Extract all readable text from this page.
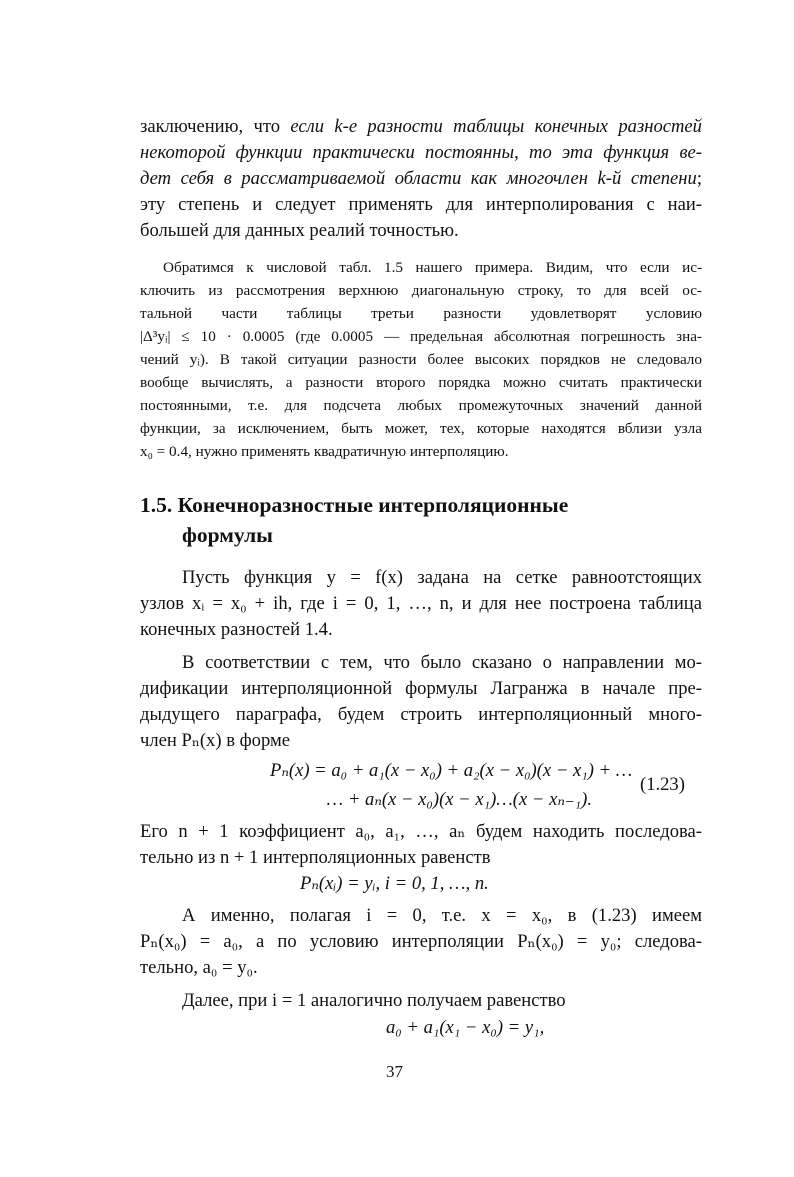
заключению, что если k-е разности таблицы конечных разностей
некоторой функции практически постоянны, то эта функция ве-
дет себя в рассматриваемой области как многочлен k-й степени;
эту степень и следует применять для интерполирования с наи-
большей для данных реалий точностью.
Обратимся к числовой табл. 1.5 нашего примера. Видим, что если ис-
ключить из рассмотрения верхнюю диагональную строку, то для всей ос-
тальной части таблицы третьи разности удовлетворят условию
|Δ³yᵢ| ≤ 10 · 0.0005 (где 0.0005 — предельная абсолютная погрешность зна-
чений yᵢ). В такой ситуации разности более высоких порядков не следовало
вообще вычислять, а разности второго порядка можно считать практически
постоянными, т.е. для подсчета любых промежуточных значений данной
функции, за исключением, быть может, тех, которые находятся вблизи узла
x₀ = 0.4, нужно применять квадратичную интерполяцию.
Пусть функция y = f(x) задана на сетке равноотстоящих
узлов xᵢ = x₀ + ih, где i = 0, 1, …, n, и для нее построена таблица
конечных разностей 1.4.
В соответствии с тем, что было сказано о направлении мо-
дификации интерполяционной формулы Лагранжа в начале пре-
дыдущего параграфа, будем строить интерполяционный много-
член Pₙ(x) в форме
Его n + 1 коэффициент a₀, a₁, …, aₙ будем находить последова-
тельно из n + 1 интерполяционных равенств
А именно, полагая i = 0, т.е. x = x₀, в (1.23) имеем
Pₙ(x₀) = a₀, а по условию интерполяции Pₙ(x₀) = y₀; следова-
тельно, a₀ = y₀.
Далее, при i = 1 аналогично получаем равенство
1.5. Конечноразностные интерполяционные
формулы
Pₙ(x) = a₀ + a₁(x − x₀) + a₂(x − x₀)(x − x₁) + …
… + aₙ(x − x₀)(x − x₁)…(x − xₙ₋₁).
(1.23)
Pₙ(xᵢ) = yᵢ, i = 0, 1, …, n.
a₀ + a₁(x₁ − x₀) = y₁,
37
